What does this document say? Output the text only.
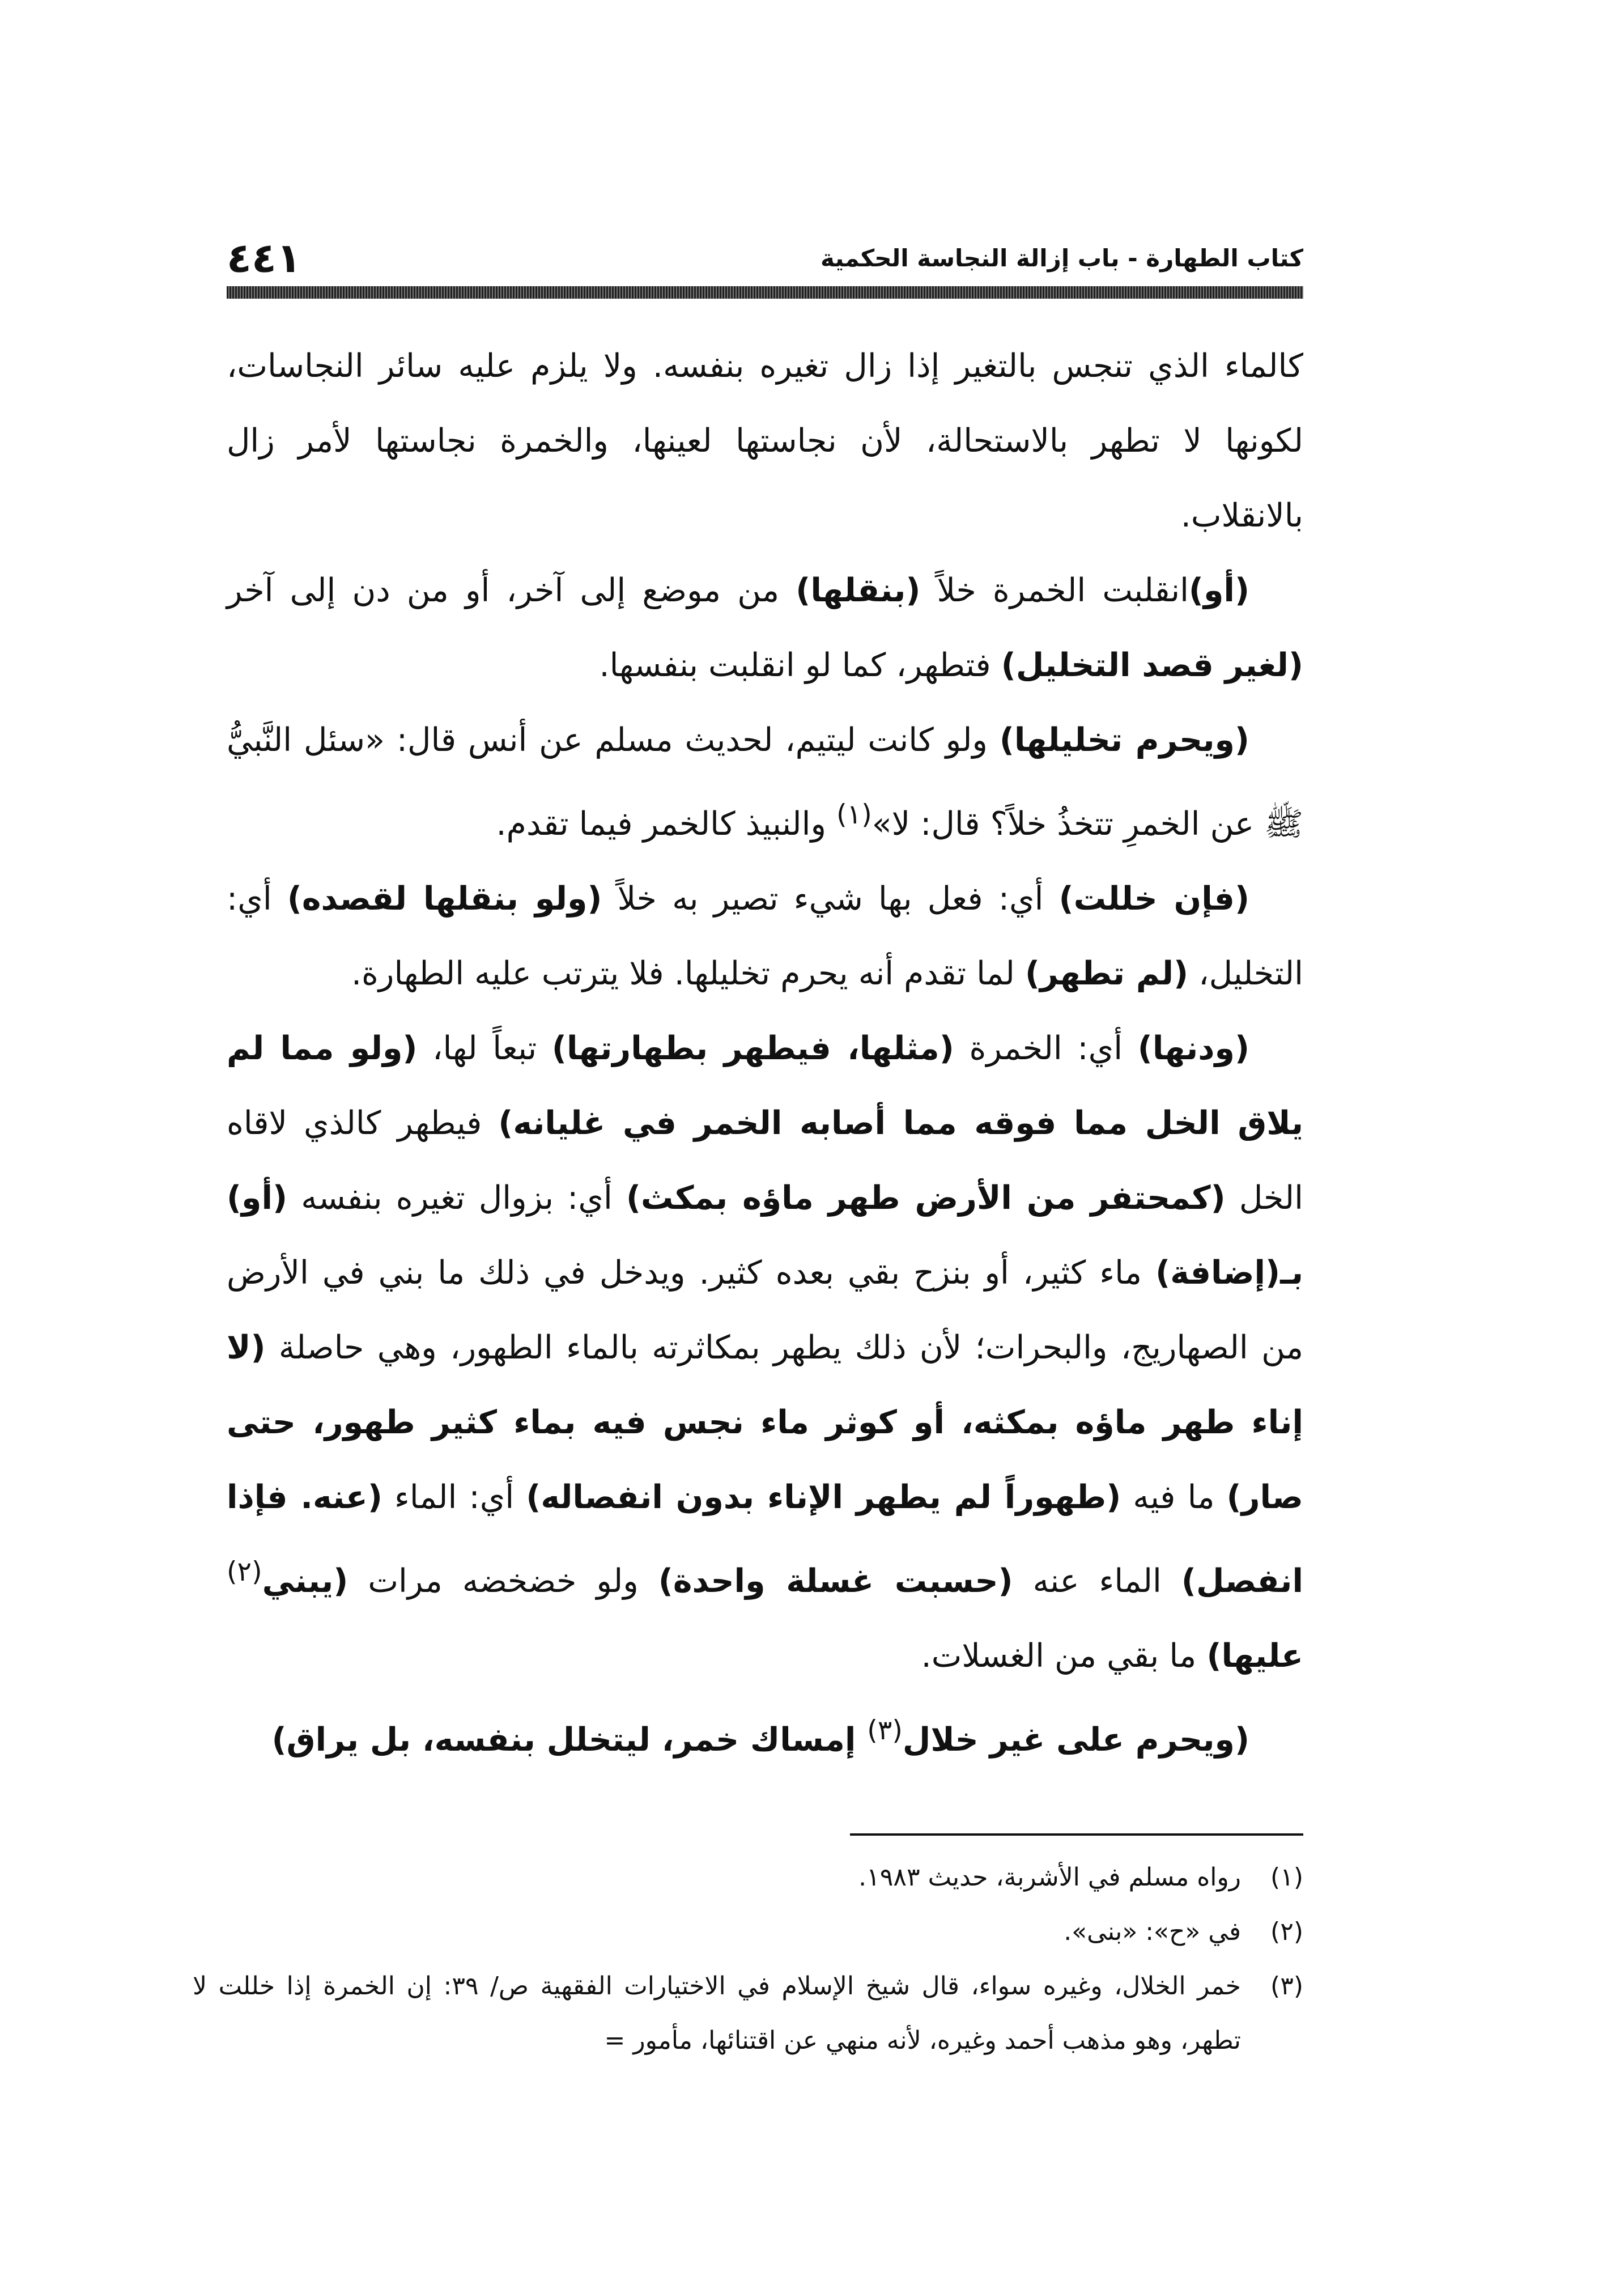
كتاب الطهارة - باب إزالة النجاسة الحكمية
٤٤١

كالماء الذي تنجس بالتغير إذا زال تغيره بنفسه. ولا يلزم عليه سائر النجاسات، لكونها لا تطهر بالاستحالة، لأن نجاستها لعينها، والخمرة نجاستها لأمر زال بالانقلاب.

(أو)انقلبت الخمرة خلاً (بنقلها) من موضع إلى آخر، أو من دن إلى آخر (لغير قصد التخليل) فتطهر، كما لو انقلبت بنفسها.

(ويحرم تخليلها) ولو كانت ليتيم، لحديث مسلم عن أنس قال: «سئل النَّبيُّ ﷺ عن الخمرِ تتخذُ خلاً؟ قال: لا»$^{(١)}$ والنبيذ كالخمر فيما تقدم.

(فإن خللت) أي: فعل بها شيء تصير به خلاً (ولو بنقلها لقصده) أي: التخليل، (لم تطهر) لما تقدم أنه يحرم تخليلها. فلا يترتب عليه الطهارة.

(ودنها) أي: الخمرة (مثلها، فيطهر بطهارتها) تبعاً لها، (ولو مما لم يلاق الخل مما فوقه مما أصابه الخمر في غليانه) فيطهر كالذي لاقاه الخل (كمحتفر من الأرض طهر ماؤه بمكث) أي: بزوال تغيره بنفسه (أو) بـ(إضافة) ماء كثير، أو بنزح بقي بعده كثير. ويدخل في ذلك ما بني في الأرض من الصهاريج، والبحرات؛ لأن ذلك يطهر بمكاثرته بالماء الطهور، وهي حاصلة (لا إناء طهر ماؤه بمكثه، أو كوثر ماء نجس فيه بماء كثير طهور، حتى صار) ما فيه (طهوراً لم يطهر الإناء بدون انفصاله) أي: الماء (عنه. فإذا انفصل) الماء عنه (حسبت غسلة واحدة) ولو خضخضه مرات (يبني$^{(٢)}$ عليها) ما بقي من الغسلات.

(ويحرم على غير خلال$^{(٣)}$ إمساك خمر، ليتخلل بنفسه، بل يراق)

(١)
رواه مسلم في الأشربة، حديث ١٩٨٣.
(٢)
في «ح»: «بنى».
(٣)
خمر الخلال، وغيره سواء، قال شيخ الإسلام في الاختيارات الفقهية ص/ ٣٩: إن الخمرة إذا خللت لا تطهر، وهو مذهب أحمد وغيره، لأنه منهي عن اقتنائها، مأمور =
